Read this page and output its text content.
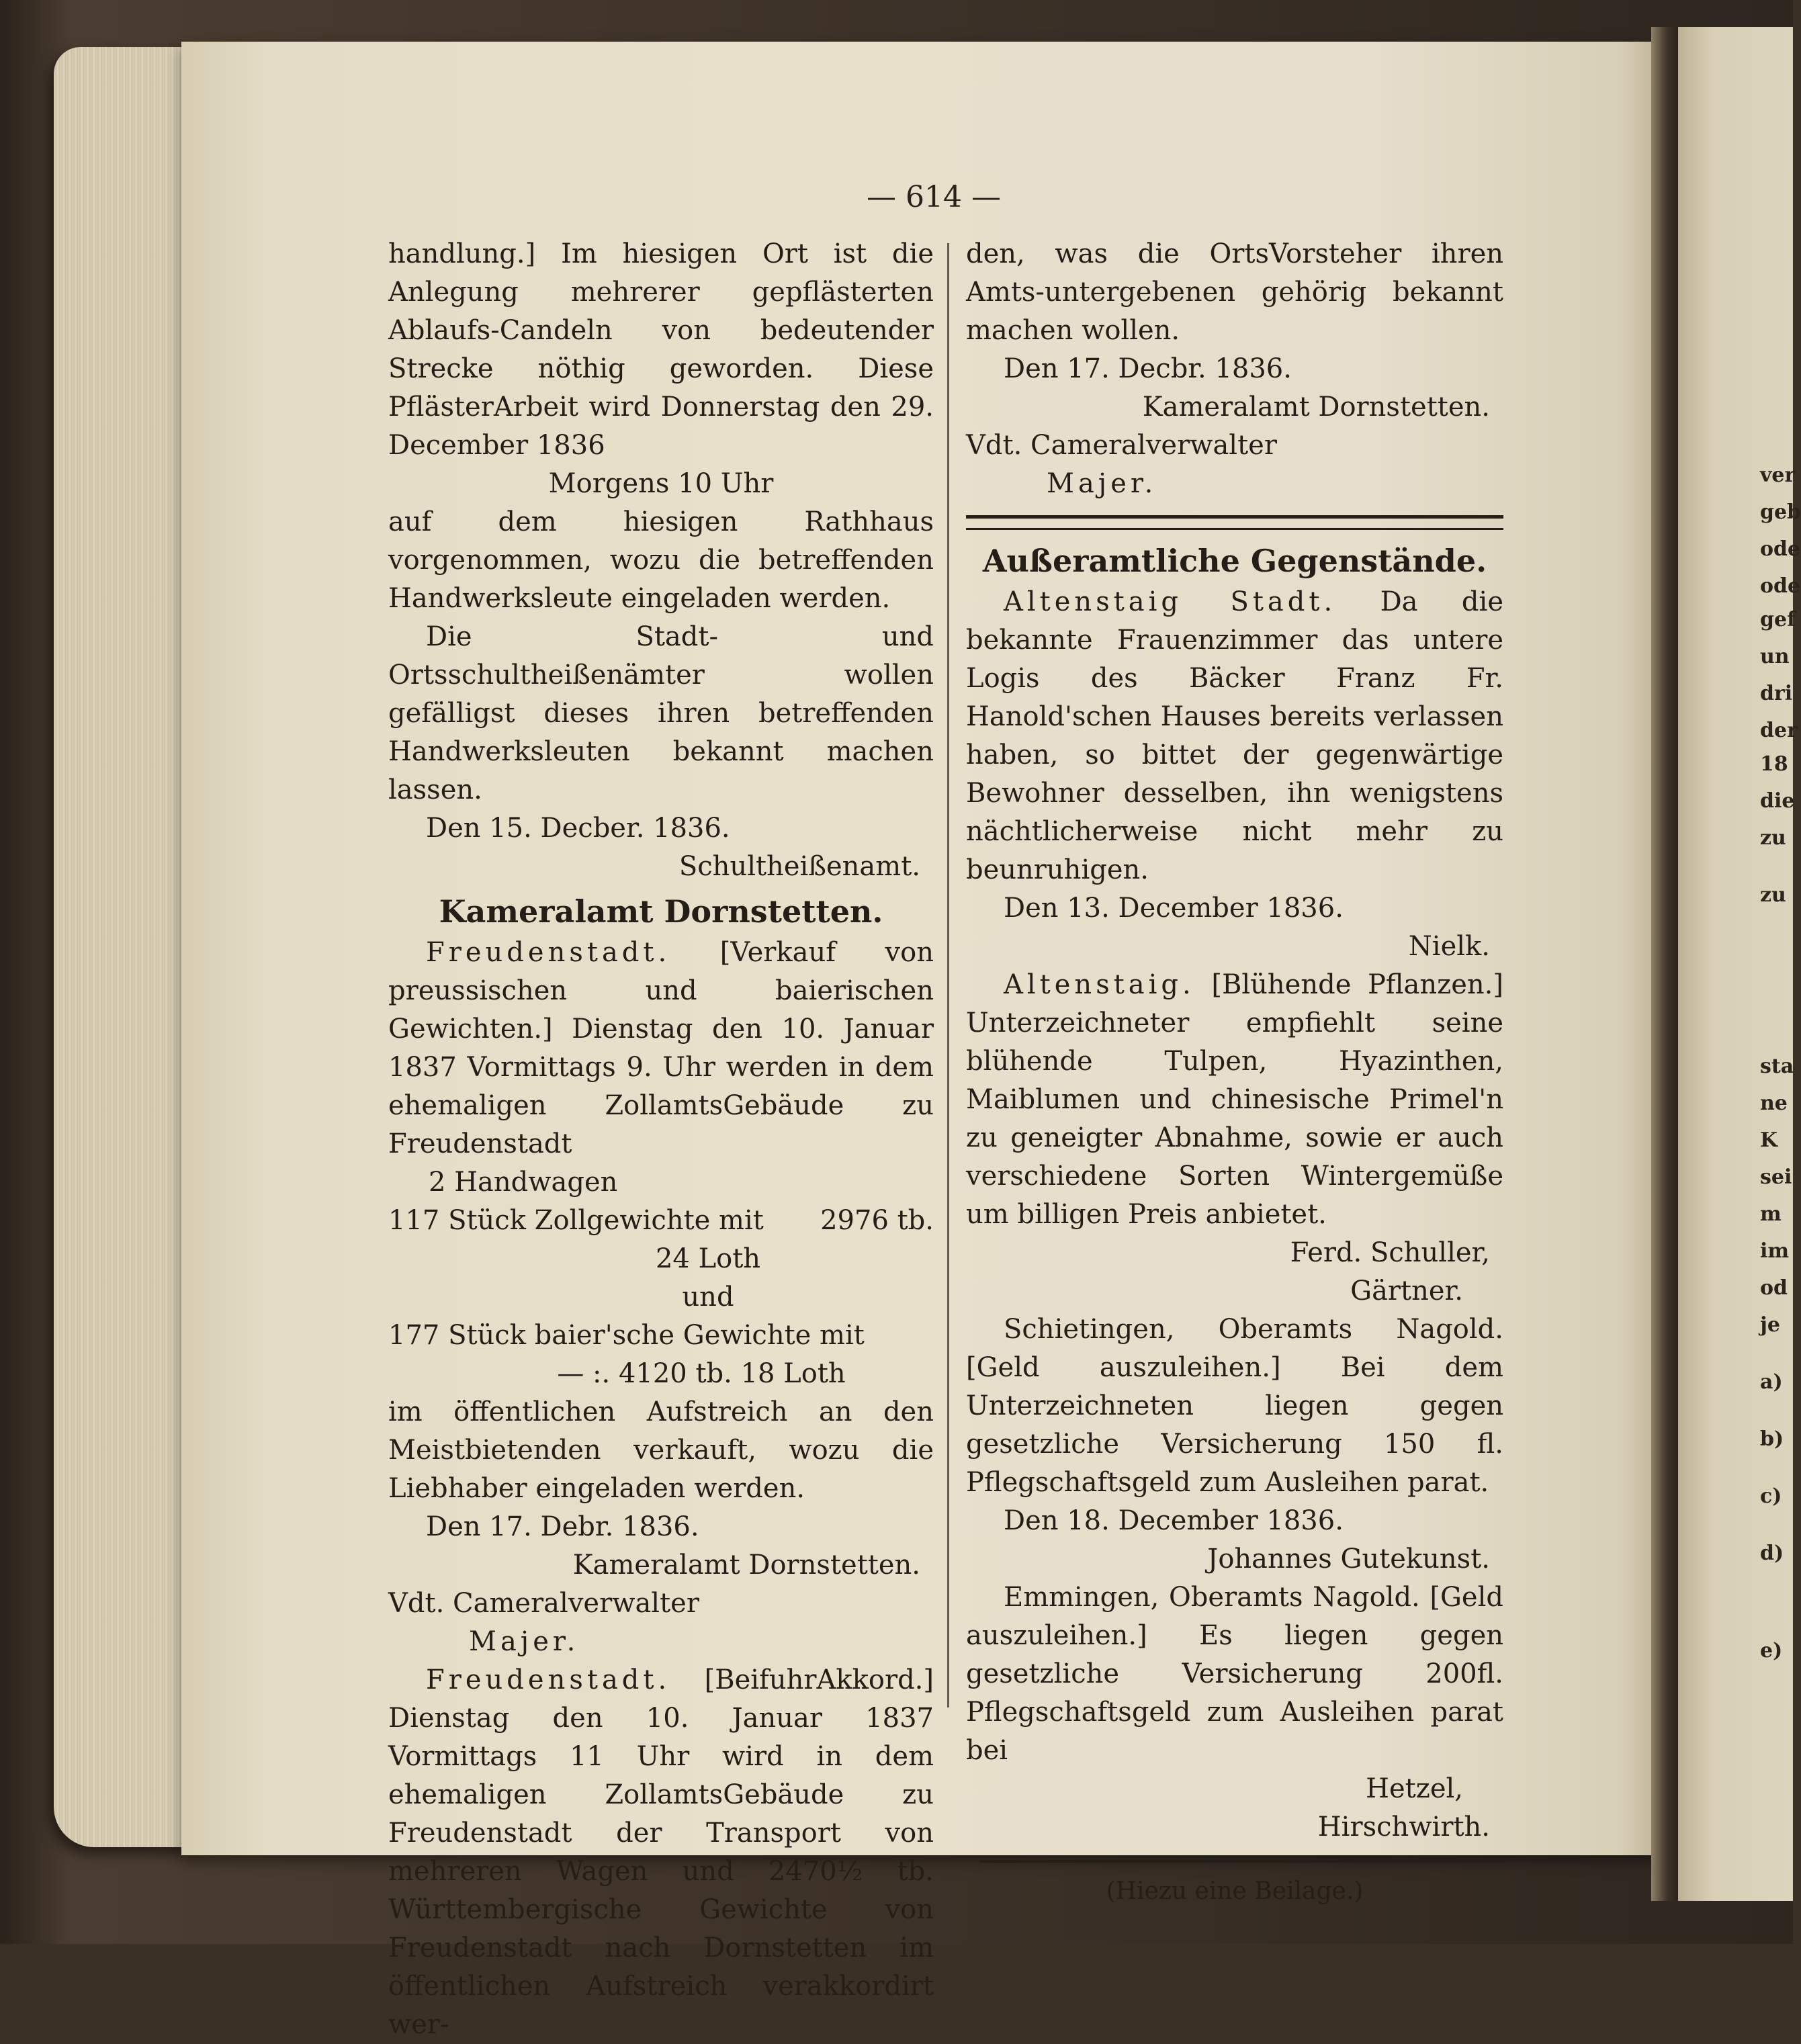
ver
geb
ode
ode
gef
un
dri
der
18
die
zu
zu
sta
ne
K
sei
m
im
od
je
a)
b)
c)
d)
e)
— 614 —

handlung.] Im hiesigen Ort ist die Anlegung mehrerer gepflästerten Ablaufs-Candeln von bedeutender Strecke nöthig geworden. Diese PflästerArbeit wird Donnerstag den 29. December 1836

Morgens 10 Uhr

auf dem hiesigen Rathhaus vorgenommen, wozu die betreffenden Handwerksleute eingeladen werden.

Die Stadt- und Ortsschultheißenämter wollen gefälligst dieses ihren betreffenden Handwerksleuten bekannt machen lassen.

Den 15. Decber. 1836.

Schultheißenamt.

Kameralamt Dornstetten.

Freudenstadt. [Verkauf von preussischen und baierischen Gewichten.] Dienstag den 10. Januar 1837 Vormittags 9. Uhr werden in dem ehemaligen ZollamtsGebäude zu Freudenstadt

2 Handwagen

117 Stück Zollgewichte mit	2976 tb.

24 Loth

und

177 Stück baier'sche Gewichte mit

— :. 4120 tb. 18 Loth

im öffentlichen Aufstreich an den Meistbietenden verkauft, wozu die Liebhaber eingeladen werden.

Den 17. Debr. 1836.

Kameralamt Dornstetten.

Vdt. Cameralverwalter

Majer.

Freudenstadt. [BeifuhrAkkord.] Dienstag den 10. Januar 1837 Vormittags 11 Uhr wird in dem ehemaligen ZollamtsGebäude zu Freudenstadt der Transport von mehreren Wagen und 2470½ tb. Württembergische Gewichte von Freudenstadt nach Dornstetten im öffentlichen Aufstreich verakkordirt wer-

den, was die OrtsVorsteher ihren Amts-untergebenen gehörig bekannt machen wollen.

Den 17. Decbr. 1836.

Kameralamt Dornstetten.

Vdt. Cameralverwalter

Majer.

Außeramtliche Gegenstände.

Altenstaig Stadt. Da die bekannte Frauenzimmer das untere Logis des Bäcker Franz Fr. Hanold'schen Hauses bereits verlassen haben, so bittet der gegenwärtige Bewohner desselben, ihn wenigstens nächtlicherweise nicht mehr zu beunruhigen.

Den 13. December 1836.

Nielk.

Altenstaig. [Blühende Pflanzen.] Unterzeichneter empfiehlt seine blühende Tulpen, Hyazinthen, Maiblumen und chinesische Primel'n zu geneigter Abnahme, sowie er auch verschiedene Sorten Wintergemüße um billigen Preis anbietet.

Ferd. Schuller,

Gärtner.

Schietingen, Oberamts Nagold. [Geld auszuleihen.] Bei dem Unterzeichneten liegen gegen gesetzliche Versicherung 150 fl. Pflegschaftsgeld zum Ausleihen parat.

Den 18. December 1836.

Johannes Gutekunst.

Emmingen, Oberamts Nagold. [Geld auszuleihen.] Es liegen gegen gesetzliche Versicherung 200fl. Pflegschaftsgeld zum Ausleihen parat bei

Hetzel,

Hirschwirth.

(Hiezu eine Beilage.)
